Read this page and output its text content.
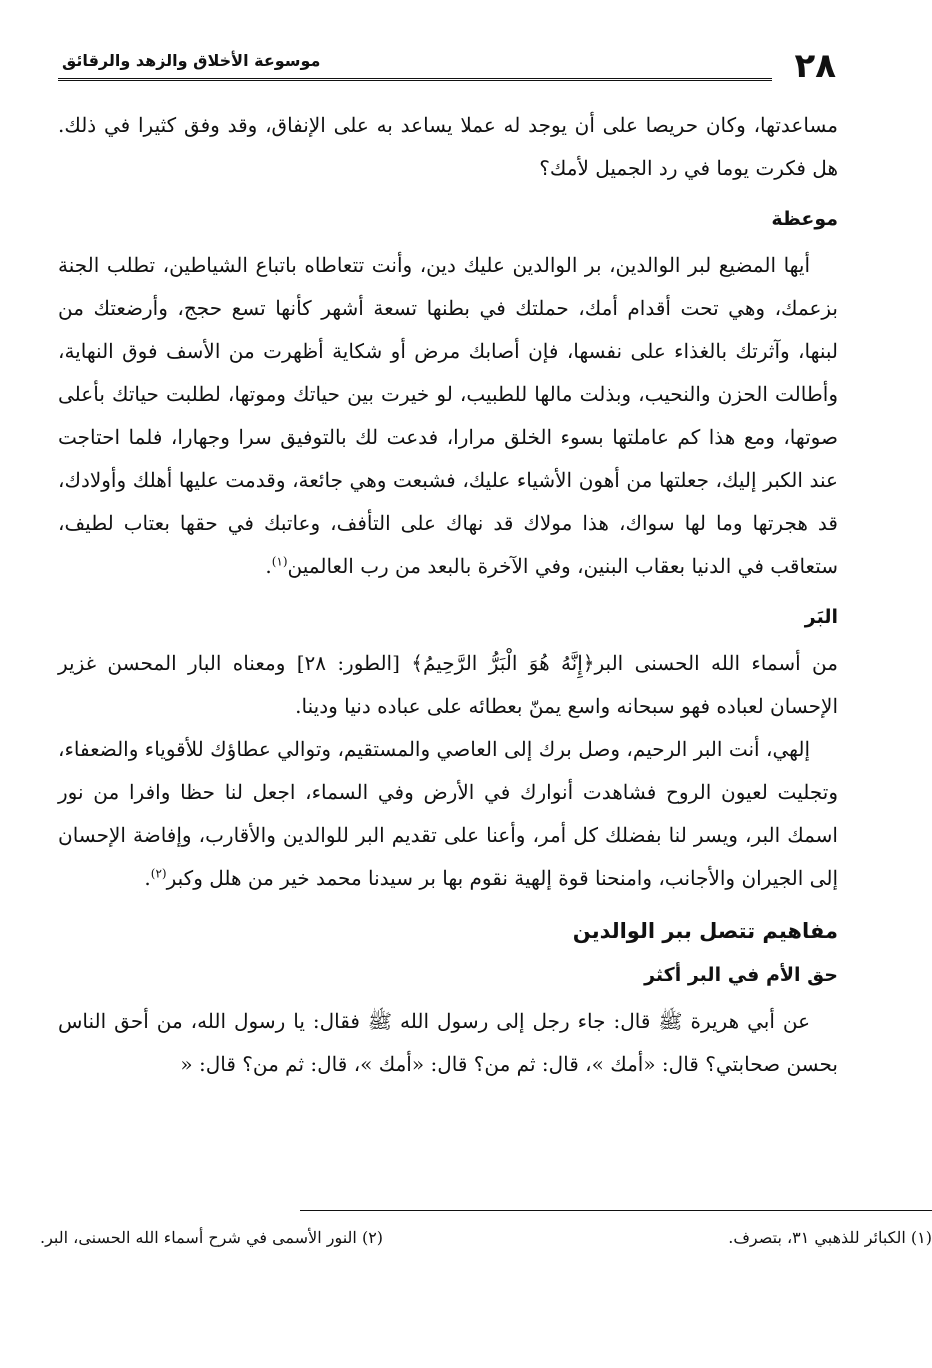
٢٨
موسوعة الأخلاق والزهد والرقائق

مساعدتها، وكان حريصا على أن يوجد له عملا يساعد به على الإنفاق، وقد وفق كثيرا في ذلك. هل فكرت يوما في رد الجميل لأمك؟

موعظة

أيها المضيع لبر الوالدين، بر الوالدين عليك دين، وأنت تتعاطاه باتباع الشياطين، تطلب الجنة بزعمك، وهي تحت أقدام أمك، حملتك في بطنها تسعة أشهر كأنها تسع حجج، وأرضعتك من لبنها، وآثرتك بالغذاء على نفسها، فإن أصابك مرض أو شكاية أظهرت من الأسف فوق النهاية، وأطالت الحزن والنحيب، وبذلت مالها للطبيب، لو خيرت بين حياتك وموتها، لطلبت حياتك بأعلى صوتها، ومع هذا كم عاملتها بسوء الخلق مرارا، فدعت لك بالتوفيق سرا وجهارا، فلما احتاجت عند الكبر إليك، جعلتها من أهون الأشياء عليك، فشبعت وهي جائعة، وقدمت عليها أهلك وأولادك، قد هجرتها وما لها سواك، هذا مولاك قد نهاك على التأفف، وعاتبك في حقها بعتاب لطيف، ستعاقب في الدنيا بعقاب البنين، وفي الآخرة بالبعد من رب العالمين$^{(١)}$.

البَر

من أسماء الله الحسنى البر﴿إِنَّهُ هُوَ الْبَرُّ الرَّحِيمُ﴾ [الطور: ٢٨] ومعناه البار المحسن غزير الإحسان لعباده فهو سبحانه واسع يمنّ بعطائه على عباده دنيا ودينا.

إلهي، أنت البر الرحيم، وصل برك إلى العاصي والمستقيم، وتوالي عطاؤك للأقوياء والضعفاء، وتجليت لعيون الروح فشاهدت أنوارك في الأرض وفي السماء، اجعل لنا حظا وافرا من نور اسمك البر، ويسر لنا بفضلك كل أمر، وأعنا على تقديم البر للوالدين والأقارب، وإفاضة الإحسان إلى الجيران والأجانب، وامنحنا قوة إلهية نقوم بها بر سيدنا محمد خير من هلل وكبر$^{(٢)}$.

مفاهيم تتصل ببر الوالدين
حق الأم في البر أكثر

عن أبي هريرة ﷺ قال: جاء رجل إلى رسول الله ﷺ فقال: يا رسول الله، من أحق الناس بحسن صحابتي؟ قال: «أمك »، قال: ثم من؟ قال: «أمك »، قال: ثم من؟ قال: «

(١) الكبائر للذهبي ٣١، بتصرف.
(٢) النور الأسمى في شرح أسماء الله الحسنى، البر.
